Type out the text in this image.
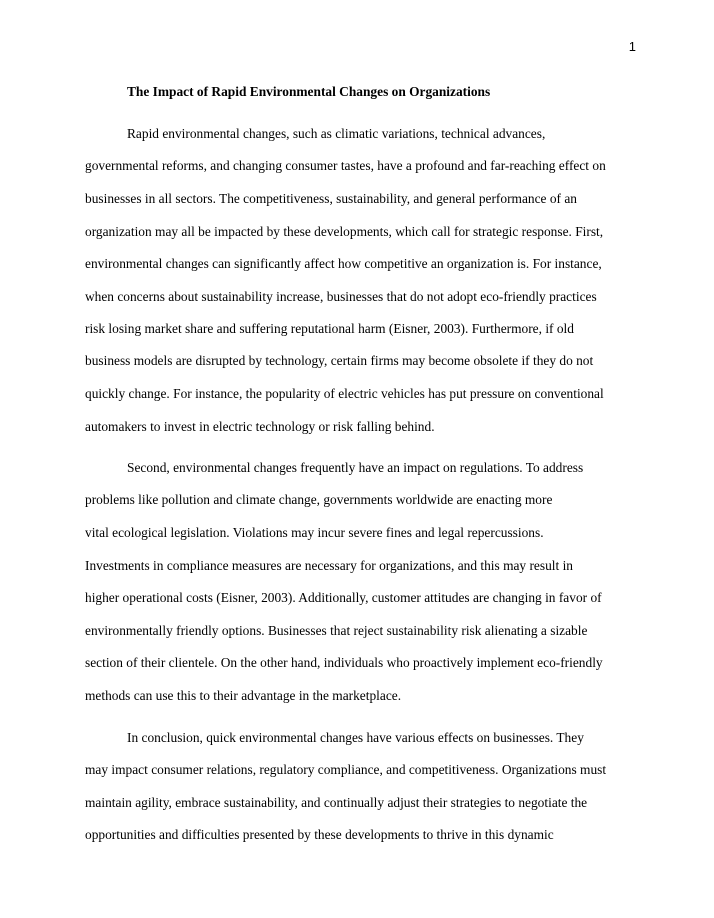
1
The Impact of Rapid Environmental Changes on Organizations
Rapid environmental changes, such as climatic variations, technical advances,
governmental reforms, and changing consumer tastes, have a profound and far-reaching effect on
businesses in all sectors. The competitiveness, sustainability, and general performance of an
organization may all be impacted by these developments, which call for strategic response. First,
environmental changes can significantly affect how competitive an organization is. For instance,
when concerns about sustainability increase, businesses that do not adopt eco-friendly practices
risk losing market share and suffering reputational harm (Eisner, 2003). Furthermore, if old
business models are disrupted by technology, certain firms may become obsolete if they do not
quickly change. For instance, the popularity of electric vehicles has put pressure on conventional
automakers to invest in electric technology or risk falling behind.
Second, environmental changes frequently have an impact on regulations. To address
problems like pollution and climate change, governments worldwide are enacting more
vital ecological legislation. Violations may incur severe fines and legal repercussions.
Investments in compliance measures are necessary for organizations, and this may result in
higher operational costs (Eisner, 2003). Additionally, customer attitudes are changing in favor of
environmentally friendly options. Businesses that reject sustainability risk alienating a sizable
section of their clientele. On the other hand, individuals who proactively implement eco-friendly
methods can use this to their advantage in the marketplace.
In conclusion, quick environmental changes have various effects on businesses. They
may impact consumer relations, regulatory compliance, and competitiveness. Organizations must
maintain agility, embrace sustainability, and continually adjust their strategies to negotiate the
opportunities and difficulties presented by these developments to thrive in this dynamic
